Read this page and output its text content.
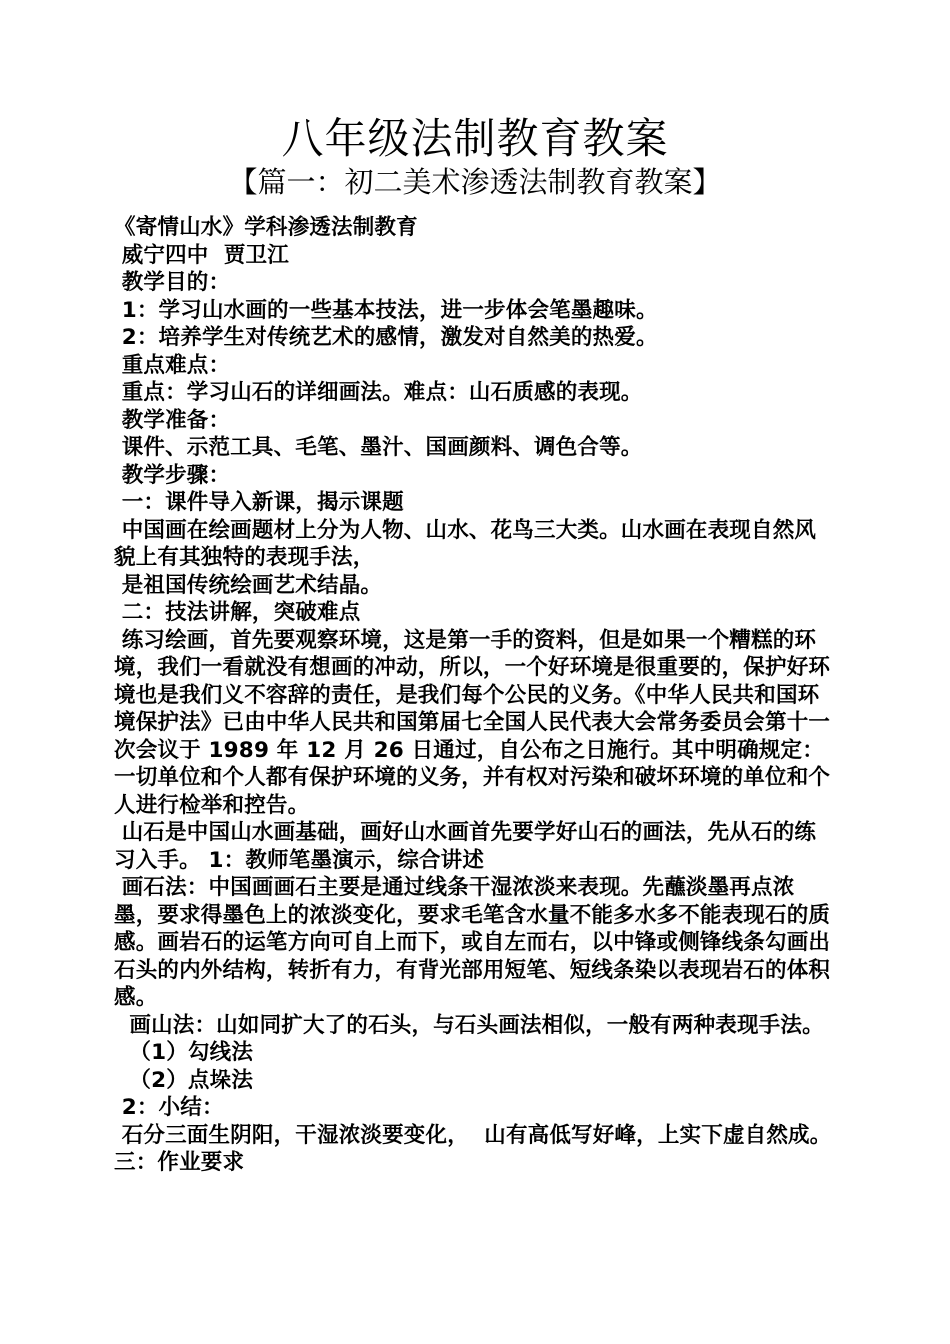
八年级法制教育教案
【篇一：初二美术渗透法制教育教案】

《寄情山水》学科渗透法制教育

威宁四中  贾卫江

教学目的：

1：学习山水画的一些基本技法，进一步体会笔墨趣味。

2：培养学生对传统艺术的感情，激发对自然美的热爱。

重点难点：

重点：学习山石的详细画法。难点：山石质感的表现。

教学准备：

课件、示范工具、毛笔、墨汁、国画颜料、调色合等。

教学步骤：

一：课件导入新课，揭示课题

中国画在绘画题材上分为人物、山水、花鸟三大类。山水画在表现自然风貌上有其独特的表现手法，

是祖国传统绘画艺术结晶。

二：技法讲解，突破难点

练习绘画，首先要观察环境，这是第一手的资料，但是如果一个糟糕的环境，我们一看就没有想画的冲动，所以，一个好环境是很重要的，保护好环境也是我们义不容辞的责任，是我们每个公民的义务。《中华人民共和国环境保护法》已由中华人民共和国第届七全国人民代表大会常务委员会第十一次会议于 1989 年 12 月 26 日通过，自公布之日施行。其中明确规定：一切单位和个人都有保护环境的义务，并有权对污染和破坏环境的单位和个人进行检举和控告。

山石是中国山水画基础，画好山水画首先要学好山石的画法，先从石的练习入手。 1：教师笔墨演示，综合讲述

画石法：中国画画石主要是通过线条干湿浓淡来表现。先蘸淡墨再点浓墨，要求得墨色上的浓淡变化，要求毛笔含水量不能多水多不能表现石的质感。画岩石的运笔方向可自上而下，或自左而右，以中锋或侧锋线条勾画出石头的内外结构，转折有力，有背光部用短笔、短线条染以表现岩石的体积感。

画山法：山如同扩大了的石头，与石头画法相似，一般有两种表现手法。

（1）勾线法

（2）点垛法

2：小结：

石分三面生阴阳，干湿浓淡要变化，  山有高低写好峰，上实下虚自然成。 三：作业要求
